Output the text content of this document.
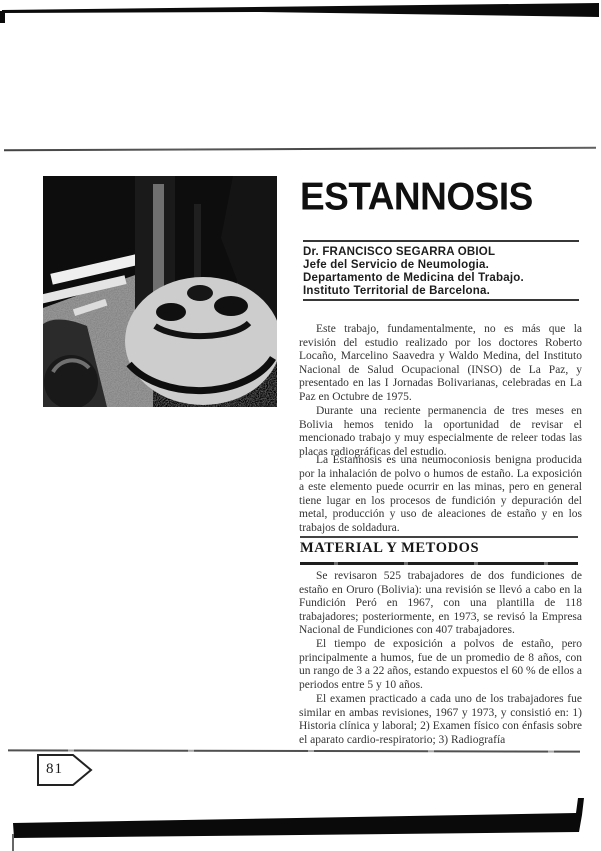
ESTANNOSIS
Dr. FRANCISCO SEGARRA OBIOL
Jefe del Servicio de Neumologia.
Departamento de Medicina del Trabajo.
Instituto Territorial de Barcelona.

Este trabajo, fundamentalmente, no es más que la revisión del estudio realizado por los doctores Roberto Locaño, Marcelino Saavedra y Waldo Medina, del Instituto Nacional de Salud Ocupacional (INSO) de La Paz, y presentado en las I Jornadas Bolivarianas, celebradas en La Paz en Octubre de 1975.

Durante una reciente permanencia de tres meses en Bolivia hemos tenido la oportunidad de revisar el mencionado trabajo y muy especialmente de releer todas las placas radiográficas del estudio.

La Estannosis es una neumoconiosis benigna producida por la inhalación de polvo o humos de estaño. La exposición a este elemento puede ocurrir en las minas, pero en general tiene lugar en los procesos de fundición y depuración del metal, producción y uso de aleaciones de estaño y en los trabajos de soldadura.

MATERIAL Y METODOS

Se revisaron 525 trabajadores de dos fundiciones de estaño en Oruro (Bolivia): una revisión se llevó a cabo en la Fundición Peró en 1967, con una plantilla de 118 trabajadores; posteriormente, en 1973, se revisó la Empresa Nacional de Fundiciones con 407 trabajadores.

El tiempo de exposición a polvos de estaño, pero principalmente a humos, fue de un promedio de 8 años, con un rango de 3 a 22 años, estando expuestos el 60 % de ellos a periodos entre 5 y 10 años.

El examen practicado a cada uno de los trabajadores fue similar en ambas revisiones, 1967 y 1973, y consistió en: 1) Historia clínica y laboral; 2) Examen físico con énfasis sobre el aparato cardio-respiratorio; 3) Radiografía

81
